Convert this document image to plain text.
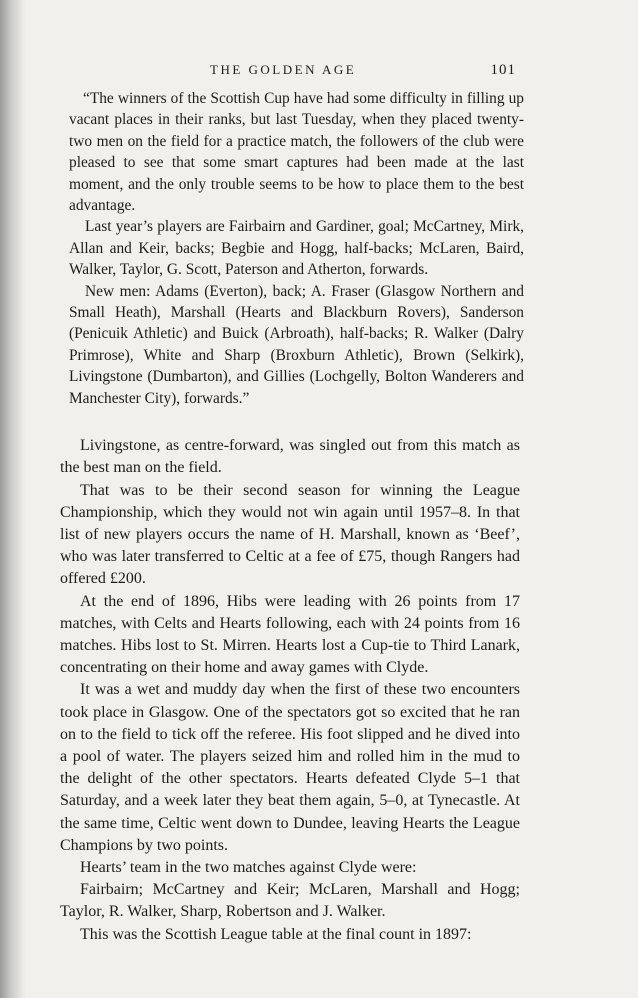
THE GOLDEN AGE	101

“The winners of the Scottish Cup have had some difficulty in filling up vacant places in their ranks, but last Tuesday, when they placed twenty-two men on the field for a practice match, the followers of the club were pleased to see that some smart captures had been made at the last moment, and the only trouble seems to be how to place them to the best advantage.

Last year’s players are Fairbairn and Gardiner, goal; McCartney, Mirk, Allan and Keir, backs; Begbie and Hogg, half-backs; McLaren, Baird, Walker, Taylor, G. Scott, Paterson and Atherton, forwards.

New men: Adams (Everton), back; A. Fraser (Glasgow Northern and Small Heath), Marshall (Hearts and Blackburn Rovers), Sanderson (Penicuik Athletic) and Buick (Arbroath), half-backs; R. Walker (Dalry Primrose), White and Sharp (Broxburn Athletic), Brown (Selkirk), Livingstone (Dumbarton), and Gillies (Lochgelly, Bolton Wanderers and Manchester City), forwards.”

Livingstone, as centre-forward, was singled out from this match as the best man on the field.

That was to be their second season for winning the League Championship, which they would not win again until 1957–8. In that list of new players occurs the name of H. Marshall, known as ‘Beef’, who was later transferred to Celtic at a fee of £75, though Rangers had offered £200.

At the end of 1896, Hibs were leading with 26 points from 17 matches, with Celts and Hearts following, each with 24 points from 16 matches. Hibs lost to St. Mirren. Hearts lost a Cup-tie to Third Lanark, concentrating on their home and away games with Clyde.

It was a wet and muddy day when the first of these two encounters took place in Glasgow. One of the spectators got so excited that he ran on to the field to tick off the referee. His foot slipped and he dived into a pool of water. The players seized him and rolled him in the mud to the delight of the other spectators. Hearts defeated Clyde 5–1 that Saturday, and a week later they beat them again, 5–0, at Tynecastle. At the same time, Celtic went down to Dundee, leaving Hearts the League Champions by two points.

Hearts’ team in the two matches against Clyde were:

Fairbairn; McCartney and Keir; McLaren, Marshall and Hogg; Taylor, R. Walker, Sharp, Robertson and J. Walker.

This was the Scottish League table at the final count in 1897:
